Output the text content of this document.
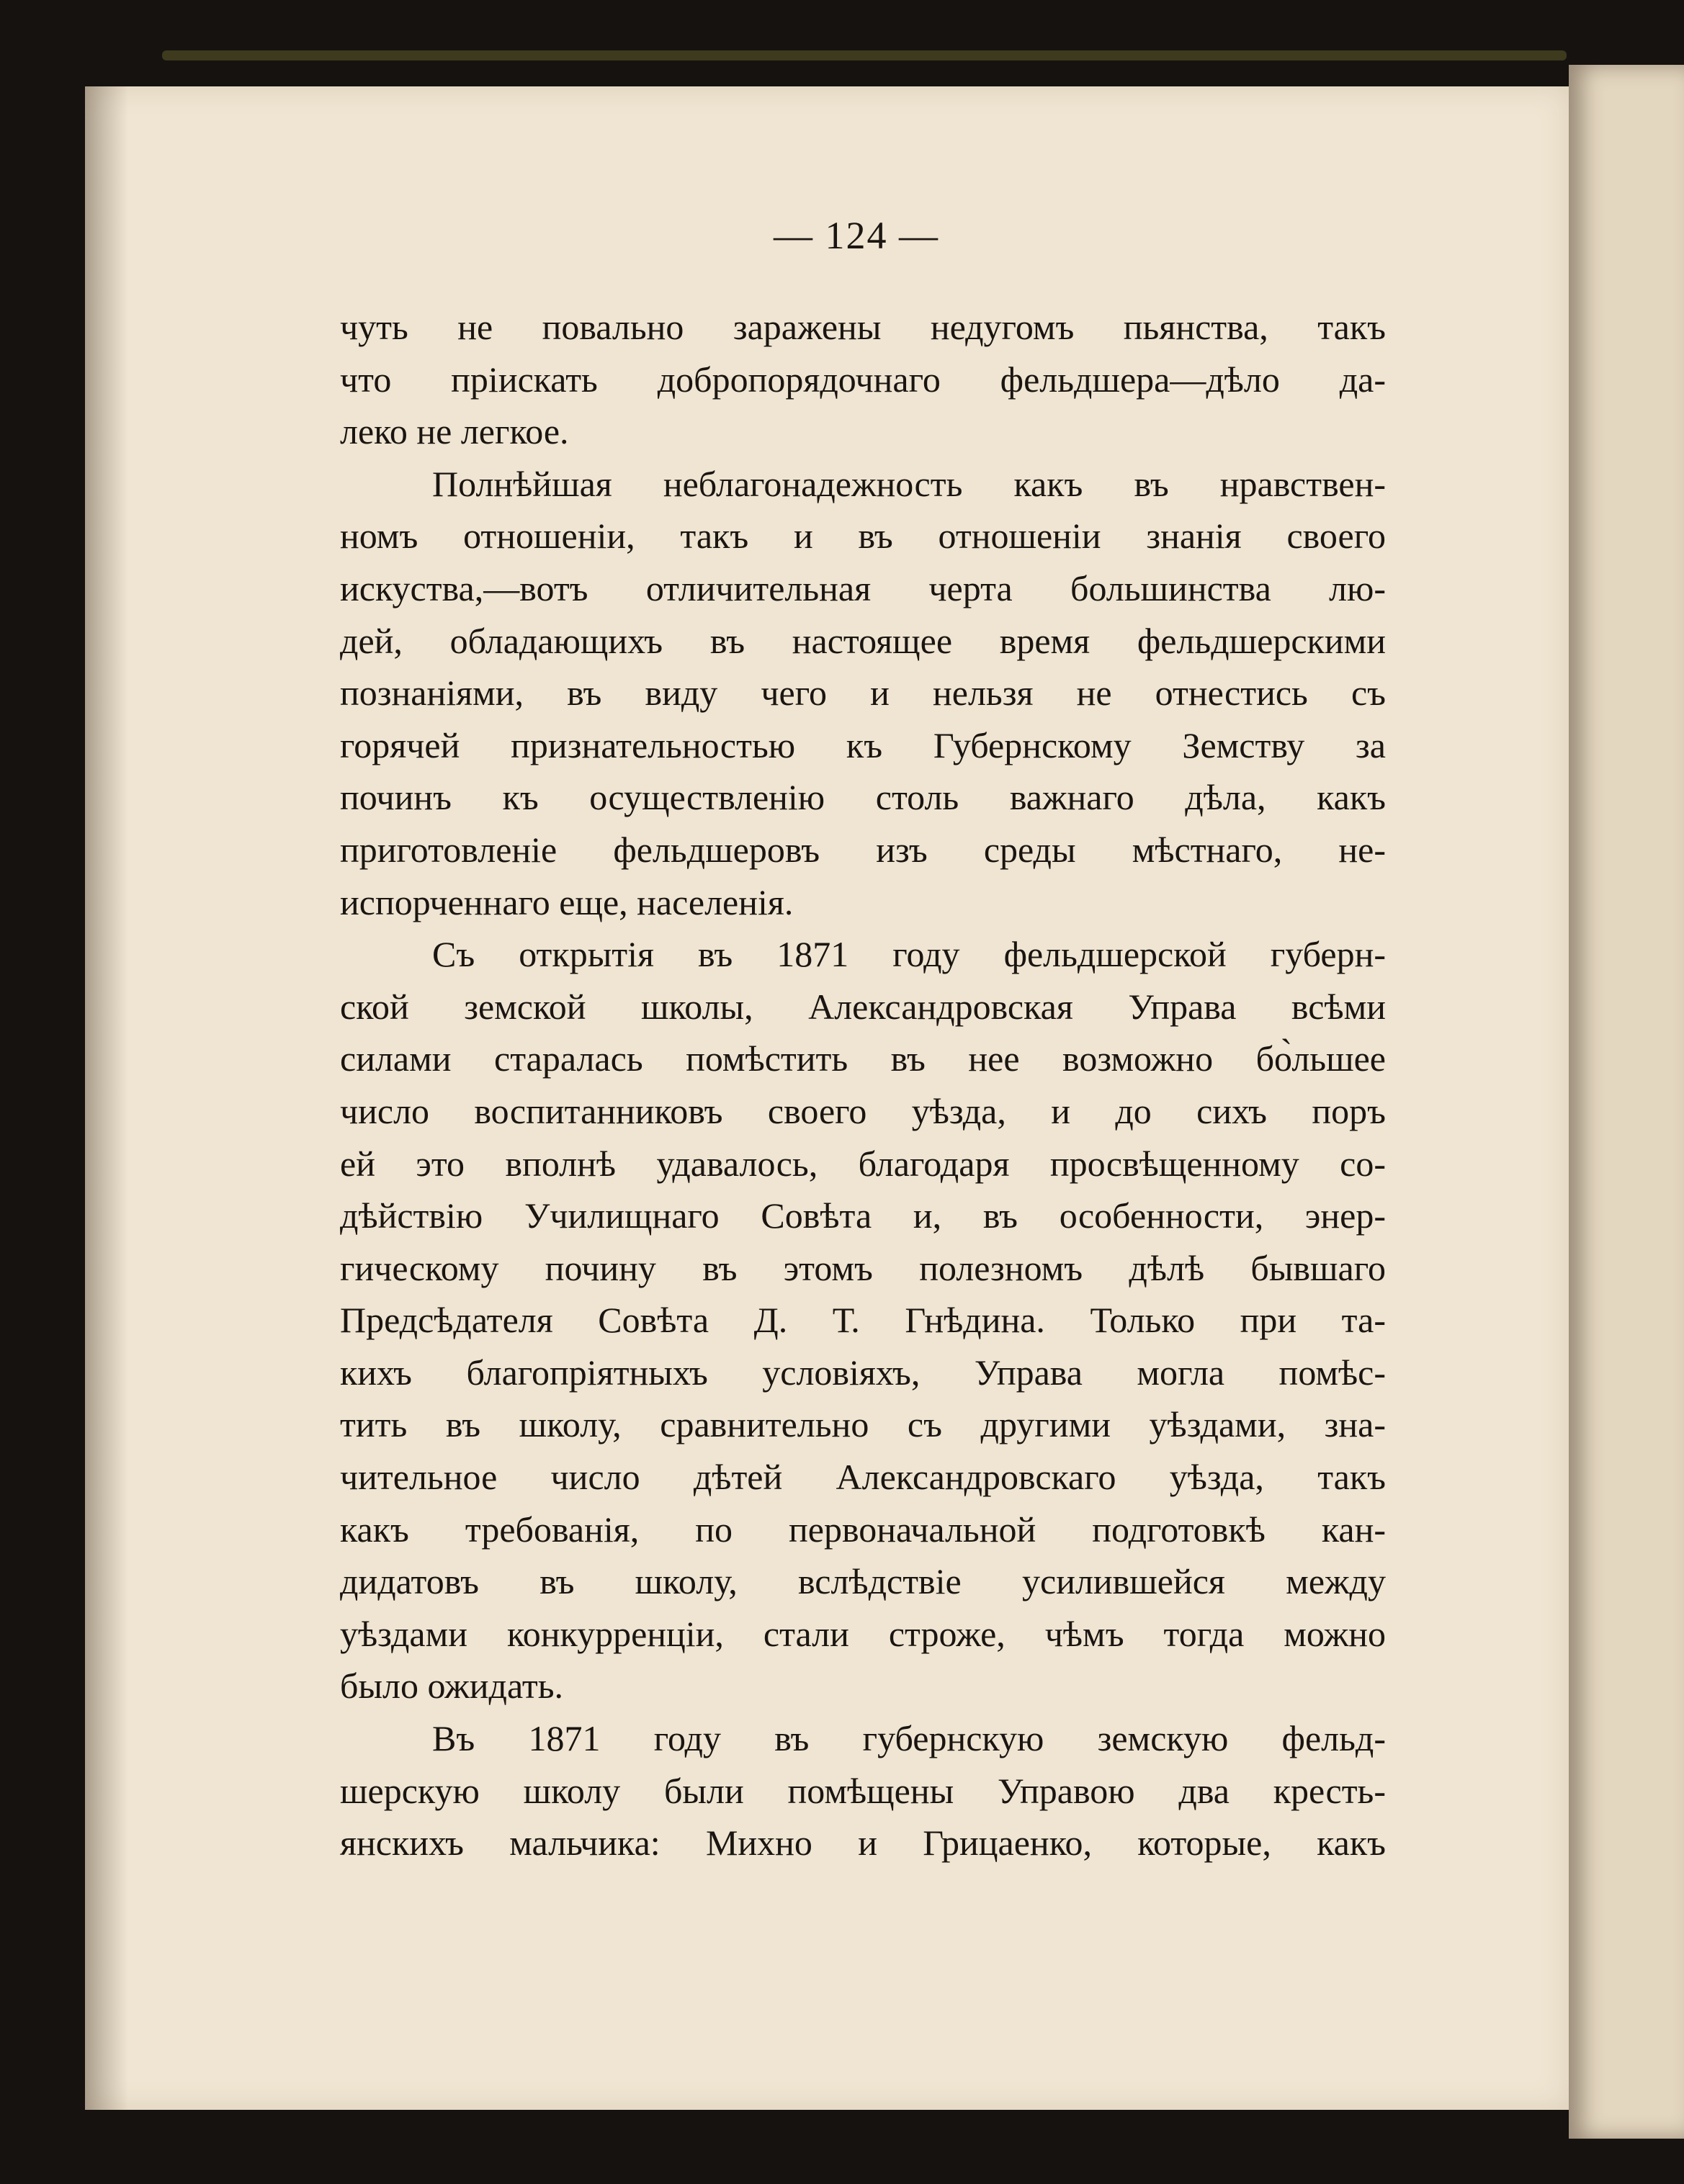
— 124 —

чуть не повально заражены недугомъ пьянства, такъ
что пріискать добропорядочнаго фельдшера—дѣло да-
леко не легкое.

Полнѣйшая неблагонадежность какъ въ нравствен-
номъ отношеніи, такъ и въ отношеніи знанія своего
искуства,—вотъ отличительная черта большинства лю-
дей, обладающихъ въ настоящее время фельдшерскими
познаніями, въ виду чего и нельзя не отнестись съ
горячей признательностью къ Губернскому Земству за
починъ къ осуществленію столь важнаго дѣла, какъ
приготовленіе фельдшеровъ изъ среды мѣстнаго, не-
испорченнаго еще, населенія.

Съ открытія въ 1871 году фельдшерской губерн-
ской земской школы, Александровская Управа всѣми
силами старалась помѣстить въ нее возможно бо̀льшее
число воспитанниковъ своего уѣзда, и до сихъ поръ
ей это вполнѣ удавалось, благодаря просвѣщенному со-
дѣйствію Училищнаго Совѣта и, въ особенности, энер-
гическому почину въ этомъ полезномъ дѣлѣ бывшаго
Предсѣдателя Совѣта Д. Т. Гнѣдина. Только при та-
кихъ благопріятныхъ условіяхъ, Управа могла помѣс-
тить въ школу, сравнительно съ другими уѣздами, зна-
чительное число дѣтей Александровскаго уѣзда, такъ
какъ требованія, по первоначальной подготовкѣ кан-
дидатовъ въ школу, вслѣдствіе усилившейся между
уѣздами конкурренціи, стали строже, чѣмъ тогда можно
было ожидать.

Въ 1871 году въ губернскую земскую фельд-
шерскую школу были помѣщены Управою два кресть-
янскихъ мальчика: Михно и Грицаенко, которые, какъ
